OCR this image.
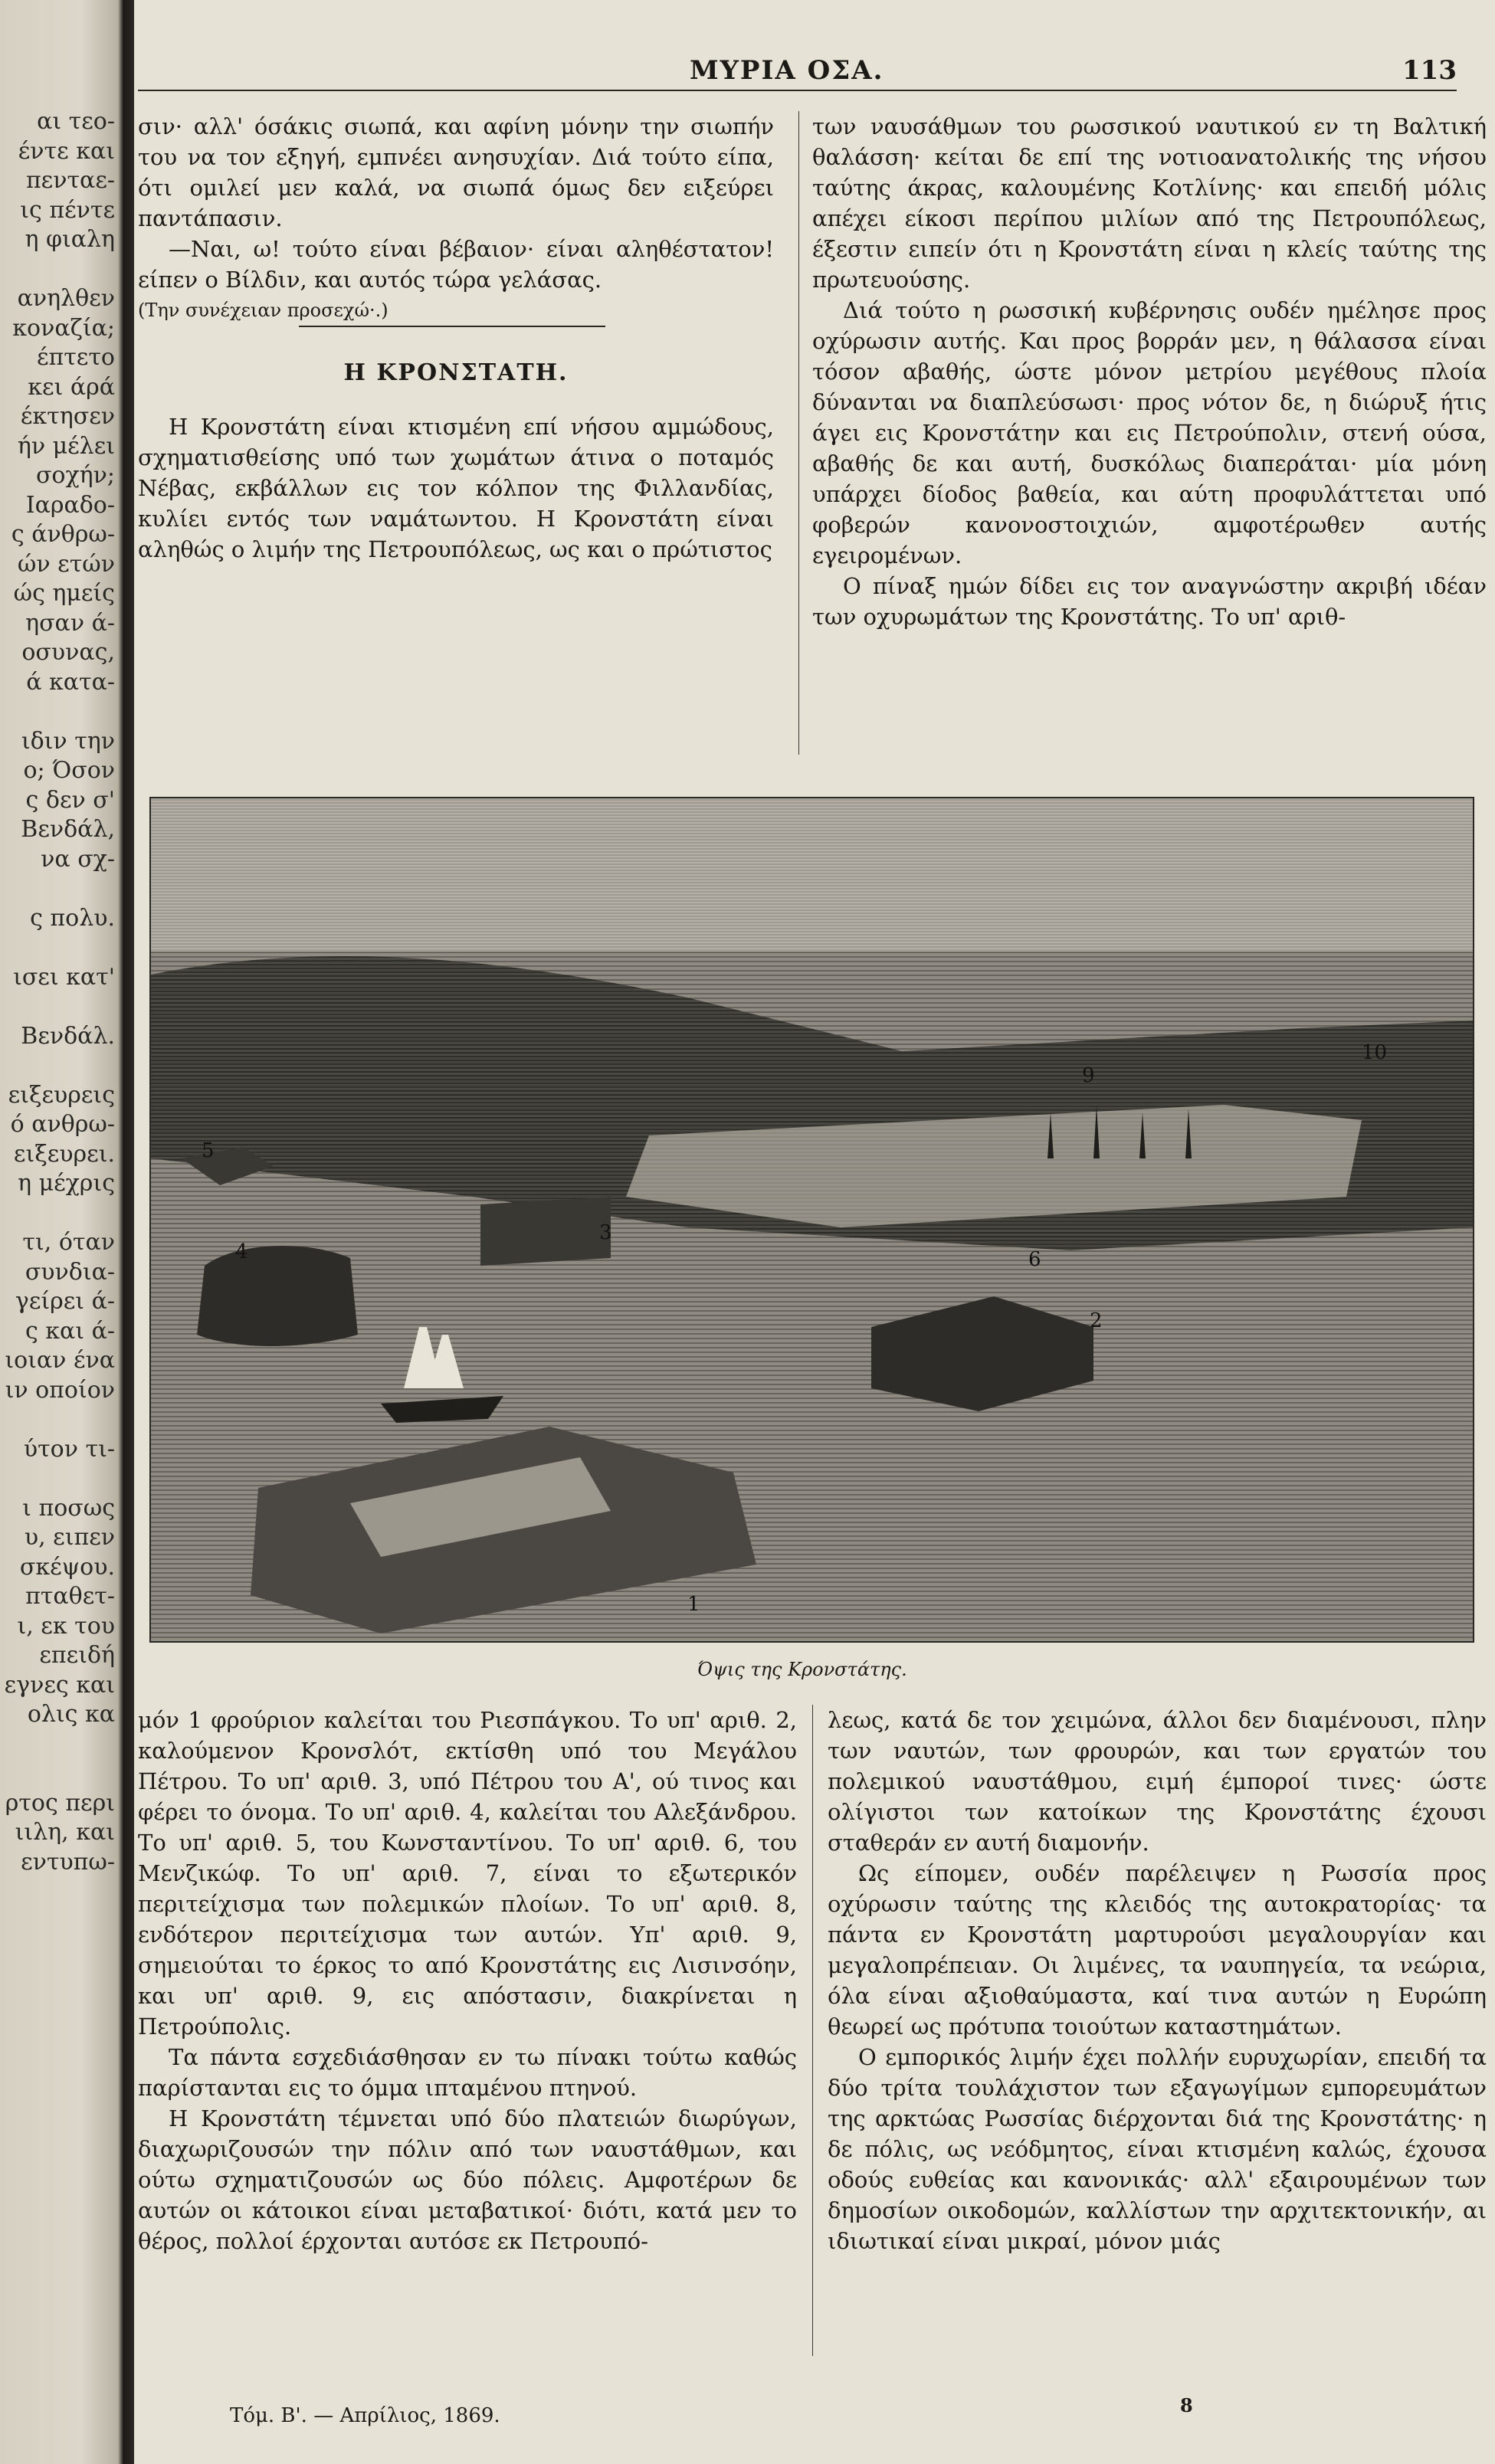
αι τεο-
έντε και
πενταε-
ις πέντε
η φιαλη

ανηλθεν
κοναζία;
έπτετο
κει άρά
έκτησεν
ήν μέλει
σοχήν;
Ιαραδο-
ς άνθρω-
ών ετών
ώς ημείς
ησαν ά-
οσυνας,
ά κατα-

ιδιν την
ο; Όσον
ς δεν σ'
Βενδάλ,
να σχ-

ς πολυ.

ισει κατ'

Βενδάλ.

ειξευρεις
ό ανθρω-
ειξευρει.
η μέχρις

τι, όταν
συνδια-
γείρει ά-
ς και ά-
ιοιαν ένα
ιν οποίον

ύτον τι-

ι ποσως
υ, ειπεν
σκέψου.
πταθετ-
ι, εκ του
επειδή
εγνες και
ολις κα

ρτος περι
ιιλη, και
εντυπω-
ΜΥΡΙΑ ΟΣΑ.	113

σιν· αλλ' όσάκις σιωπά, και αφίνη μόνην την σιωπήν του να τον εξηγή, εμπνέει ανησυχίαν. Διά τούτο είπα, ότι ομιλεί μεν καλά, να σιωπά όμως δεν ειξεύρει παντάπασιν.

—Ναι, ω! τούτο είναι βέβαιον· είναι αληθέστατον! είπεν ο Βίλδιν, και αυτός τώρα γελάσας.

(Την συνέχειαν προσεχώ·.)

Η ΚΡΟΝΣΤΑΤΗ.

Η Κρονστάτη είναι κτισμένη επί νήσου αμμώδους, σχηματισθείσης υπό των χωμάτων άτινα ο ποταμός Νέβας, εκβάλλων εις τον κόλπον της Φιλλανδίας, κυλίει εντός των ναμάτωντου. Η Κρονστάτη είναι αληθώς ο λιμήν της Πετρουπόλεως, ως και ο πρώτιστος

των ναυσάθμων του ρωσσικού ναυτικού εν τη Βαλτική θαλάσση· κείται δε επί της νοτιοανατολικής της νήσου ταύτης άκρας, καλουμένης Κοτλίνης· και επειδή μόλις απέχει είκοσι περίπου μιλίων από της Πετρουπόλεως, έξεστιν ειπείν ότι η Κρονστάτη είναι η κλείς ταύτης της πρωτευούσης.

Διά τούτο η ρωσσική κυβέρνησις ουδέν ημέλησε προς οχύρωσιν αυτής. Και προς βορράν μεν, η θάλασσα είναι τόσον αβαθής, ώστε μόνον μετρίου μεγέθους πλοία δύνανται να διαπλεύσωσι· προς νότον δε, η διώρυξ ήτις άγει εις Κρονστάτην και εις Πετρούπολιν, στενή ούσα, αβαθής δε και αυτή, δυσκόλως διαπεράται· μία μόνη υπάρχει δίοδος βαθεία, και αύτη προφυλάττεται υπό φοβερών κανονοστοιχιών, αμφοτέρωθεν αυτής εγειρομένων.

Ο πίναξ ημών δίδει εις τον αναγνώστην ακριβή ιδέαν των οχυρωμάτων της Κρονστάτης. Το υπ' αριθ-

5
4
3
2
6
9
10
1
Όψις της Κρονστάτης.

μόν 1 φρούριον καλείται του Ριεσπάγκου. Το υπ' αριθ. 2, καλούμενον Κρονσλότ, εκτίσθη υπό του Μεγάλου Πέτρου. Το υπ' αριθ. 3, υπό Πέτρου του Α', ού τινος και φέρει το όνομα. Το υπ' αριθ. 4, καλείται του Αλεξάνδρου. Το υπ' αριθ. 5, του Κωνσταντίνου. Το υπ' αριθ. 6, του Μενζικώφ. Το υπ' αριθ. 7, είναι το εξωτερικόν περιτείχισμα των πολεμικών πλοίων. Το υπ' αριθ. 8, ενδότερον περιτείχισμα των αυτών. Υπ' αριθ. 9, σημειούται το έρκος το από Κρονστάτης εις Λισινσόην, και υπ' αριθ. 9, εις απόστασιν, διακρίνεται η Πετρούπολις.

Τα πάντα εσχεδιάσθησαν εν τω πίνακι τούτω καθώς παρίστανται εις το όμμα ιπταμένου πτηνού.

Η Κρονστάτη τέμνεται υπό δύο πλατειών διωρύγων, διαχωριζουσών την πόλιν από των ναυστάθμων, και ούτω σχηματιζουσών ως δύο πόλεις. Αμφοτέρων δε αυτών οι κάτοικοι είναι μεταβατικοί· διότι, κατά μεν το θέρος, πολλοί έρχονται αυτόσε εκ Πετρουπό-

λεως, κατά δε τον χειμώνα, άλλοι δεν διαμένουσι, πλην των ναυτών, των φρουρών, και των εργατών του πολεμικού ναυστάθμου, ειμή έμποροί τινες· ώστε ολίγιστοι των κατοίκων της Κρονστάτης έχουσι σταθεράν εν αυτή διαμονήν.

Ως είπομεν, ουδέν παρέλειψεν η Ρωσσία προς οχύρωσιν ταύτης της κλειδός της αυτοκρατορίας· τα πάντα εν Κρονστάτη μαρτυρούσι μεγαλουργίαν και μεγαλοπρέπειαν. Οι λιμένες, τα ναυπηγεία, τα νεώρια, όλα είναι αξιοθαύμαστα, καί τινα αυτών η Ευρώπη θεωρεί ως πρότυπα τοιούτων καταστημάτων.

Ο εμπορικός λιμήν έχει πολλήν ευρυχωρίαν, επειδή τα δύο τρίτα τουλάχιστον των εξαγωγίμων εμπορευμάτων της αρκτώας Ρωσσίας διέρχονται διά της Κρονστάτης· η δε πόλις, ως νεόδμητος, είναι κτισμένη καλώς, έχουσα οδούς ευθείας και κανονικάς· αλλ' εξαιρουμένων των δημοσίων οικοδομών, καλλίστων την αρχιτεκτονικήν, αι ιδιωτικαί είναι μικραί, μόνον μιάς

Τόμ. Β'. — Απρίλιος, 1869.	8
